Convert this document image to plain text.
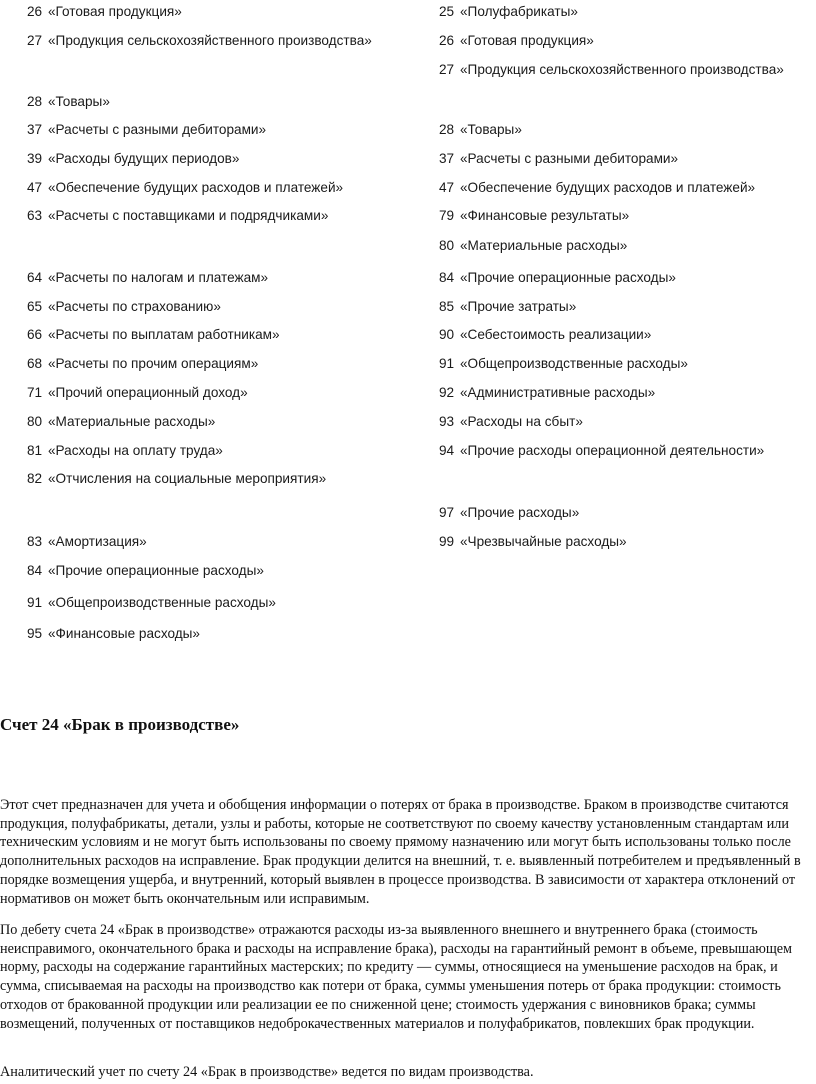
26 «Готовая продукция»
27 «Продукция сельскохозяйственного производства»
28 «Товары»
37 «Расчеты с разными дебиторами»
39 «Расходы будущих периодов»
47 «Обеспечение будущих расходов и платежей»
63 «Расчеты с поставщиками и подрядчиками»
64 «Расчеты по налогам и платежам»
65 «Расчеты по страхованию»
66 «Расчеты по выплатам работникам»
68 «Расчеты по прочим операциям»
71 «Прочий операционный доход»
80 «Материальные расходы»
81 «Расходы на оплату труда»
82 «Отчисления на социальные мероприятия»
83 «Амортизация»
84 «Прочие операционные расходы»
91 «Общепроизводственные расходы»
95 «Финансовые расходы»
25 «Полуфабрикаты»
26 «Готовая продукция»
27 «Продукция сельскохозяйственного производства»
28 «Товары»
37 «Расчеты с разными дебиторами»
47 «Обеспечение будущих расходов и платежей»
79 «Финансовые результаты»
80 «Материальные расходы»
84 «Прочие операционные расходы»
85 «Прочие затраты»
90 «Себестоимость реализации»
91 «Общепроизводственные расходы»
92 «Административные расходы»
93 «Расходы на сбыт»
94 «Прочие расходы операционной деятельности»
97 «Прочие расходы»
99 «Чрезвычайные расходы»
Счет 24 «Брак в производстве»

Этот счет предназначен для учета и обобщения информации о потерях от брака в производстве. Браком в производстве считаются продукция, полуфабрикаты, детали, узлы и работы, которые не соответствуют по своему качеству установленным стандартам или техническим условиям и не могут быть использованы по своему прямому назначению или могут быть использованы только после дополнительных расходов на исправление. Брак продукции делится на внешний, т. е. выявленный потребителем и предъявленный в порядке возмещения ущерба, и внутренний, который выявлен в процессе производства. В зависимости от характера отклонений от нормативов он может быть окончательным или исправимым.

По дебету счета 24 «Брак в производстве» отражаются расходы из-за выявленного внешнего и внутреннего брака (стоимость неисправимого, окончательного брака и расходы на исправление брака), расходы на гарантийный ремонт в объеме, превышающем норму, расходы на содержание гарантийных мастерских; по кредиту — суммы, относящиеся на уменьшение расходов на брак, и сумма, списываемая на расходы на производство как потери от брака, суммы уменьшения потерь от брака продукции: стоимость отходов от бракованной продукции или реализации ее по сниженной цене; стоимость удержания с виновников брака; суммы возмещений, полученных от поставщиков недоброкачественных материалов и полуфабрикатов, повлекших брак продукции.

Аналитический учет по счету 24 «Брак в производстве» ведется по видам производства.
